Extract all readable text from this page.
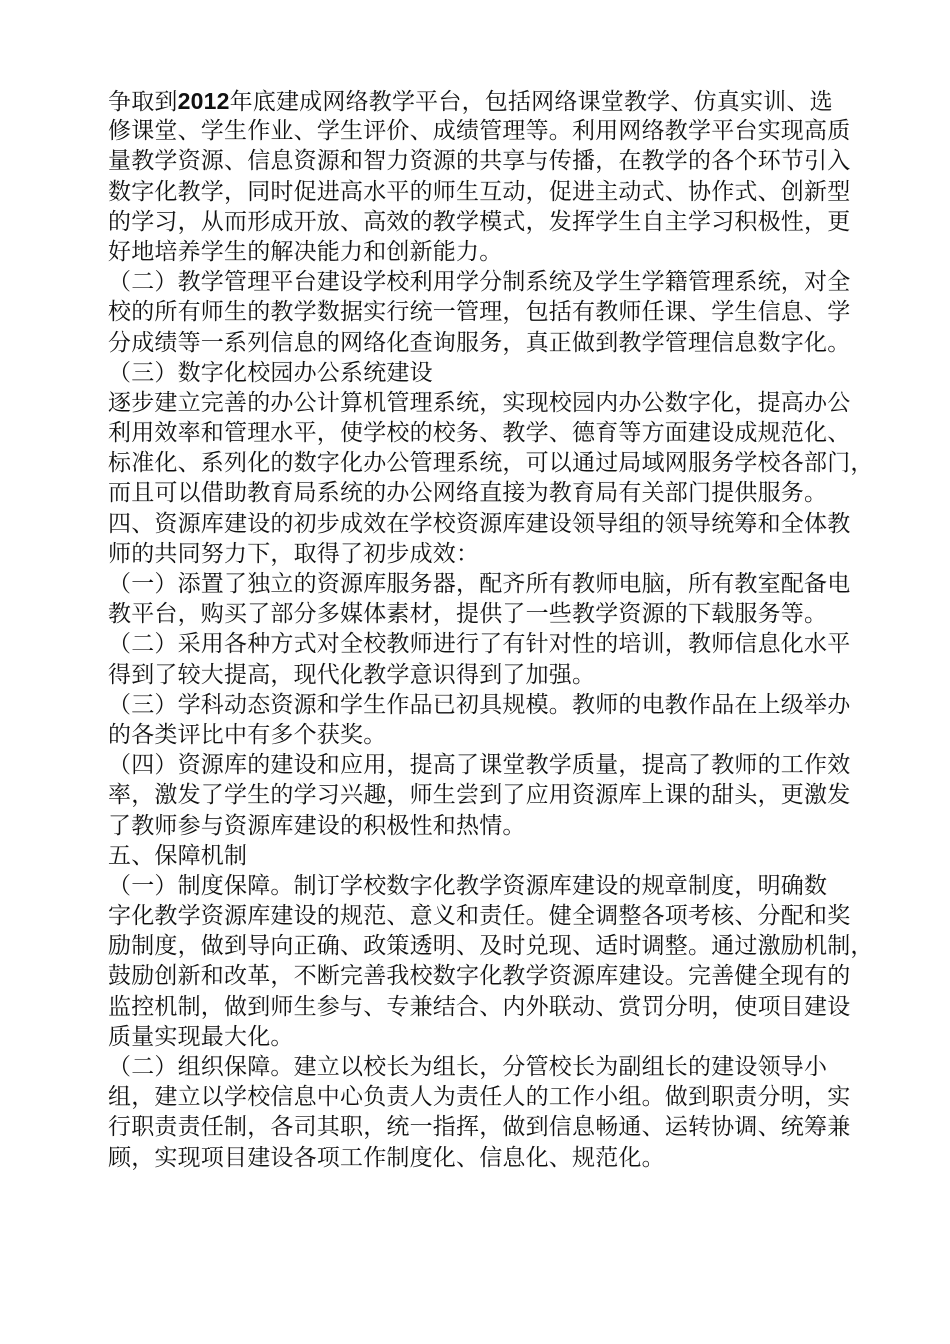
争取到2012年底建成网络教学平台，包括网络课堂教学、仿真实训、选
修课堂、学生作业、学生评价、成绩管理等。利用网络教学平台实现高质
量教学资源、信息资源和智力资源的共享与传播，在教学的各个环节引入
数字化教学，同时促进高水平的师生互动，促进主动式、协作式、创新型
的学习，从而形成开放、高效的教学模式，发挥学生自主学习积极性，更
好地培养学生的解决能力和创新能力。
（二）教学管理平台建设学校利用学分制系统及学生学籍管理系统，对全
校的所有师生的教学数据实行统一管理，包括有教师任课、学生信息、学
分成绩等一系列信息的网络化查询服务，真正做到教学管理信息数字化。
（三）数字化校园办公系统建设
逐步建立完善的办公计算机管理系统，实现校园内办公数字化，提高办公
利用效率和管理水平，使学校的校务、教学、德育等方面建设成规范化、
标准化、系列化的数字化办公管理系统，可以通过局域网服务学校各部门，
而且可以借助教育局系统的办公网络直接为教育局有关部门提供服务。
四、资源库建设的初步成效在学校资源库建设领导组的领导统筹和全体教
师的共同努力下，取得了初步成效：
（一）添置了独立的资源库服务器，配齐所有教师电脑，所有教室配备电
教平台，购买了部分多媒体素材，提供了一些教学资源的下载服务等。
（二）采用各种方式对全校教师进行了有针对性的培训，教师信息化水平
得到了较大提高，现代化教学意识得到了加强。
（三）学科动态资源和学生作品已初具规模。教师的电教作品在上级举办
的各类评比中有多个获奖。
（四）资源库的建设和应用，提高了课堂教学质量，提高了教师的工作效
率，激发了学生的学习兴趣，师生尝到了应用资源库上课的甜头，更激发
了教师参与资源库建设的积极性和热情。
五、保障机制
（一）制度保障。制订学校数字化教学资源库建设的规章制度，明确数
字化教学资源库建设的规范、意义和责任。健全调整各项考核、分配和奖
励制度，做到导向正确、政策透明、及时兑现、适时调整。通过激励机制，
鼓励创新和改革，不断完善我校数字化教学资源库建设。完善健全现有的
监控机制，做到师生参与、专兼结合、内外联动、赏罚分明，使项目建设
质量实现最大化。
（二）组织保障。建立以校长为组长，分管校长为副组长的建设领导小
组，建立以学校信息中心负责人为责任人的工作小组。做到职责分明，实
行职责责任制，各司其职，统一指挥，做到信息畅通、运转协调、统筹兼
顾，实现项目建设各项工作制度化、信息化、规范化。
